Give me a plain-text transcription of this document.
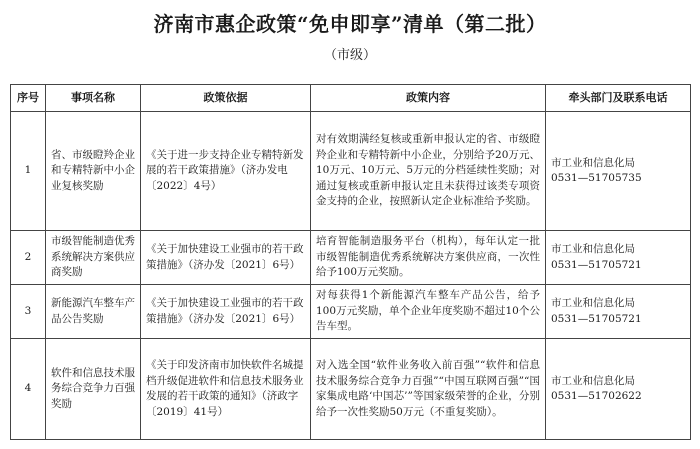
济南市惠企政策“免申即享”清单（第二批）
（市级）
序号	事项名称	政策依据	政策内容	牵头部门及联系电话
1	省、市级瞪羚企业和专精特新中小企业复核奖励	《关于进一步支持企业专精特新发展的若干政策措施》（济办发电〔2022〕4号）	对有效期满经复核或重新申报认定的省、市级瞪羚企业和专精特新中小企业，分别给予20万元、10万元、10万元、5万元的分档延续性奖励；对通过复核或重新申报认定且未获得过该类专项资金支持的企业，按照新认定企业标准给予奖励。	市工业和信息化局
0531—51705735

2	市级智能制造优秀系统解决方案供应商奖励	《关于加快建设工业强市的若干政策措施》（济办发〔2021〕6号）	培育智能制造服务平台（机构），每年认定一批市级智能制造优秀系统解决方案供应商，一次性给予100万元奖励。	市工业和信息化局
0531—51705721

3	新能源汽车整车产品公告奖励	《关于加快建设工业强市的若干政策措施》（济办发〔2021〕6号）	对每获得1个新能源汽车整车产品公告，给予100万元奖励，单个企业年度奖励不超过10个公告车型。	市工业和信息化局
0531—51705721

4	软件和信息技术服务综合竞争力百强奖励	《关于印发济南市加快软件名城提档升级促进软件和信息技术服务业发展的若干政策的通知》（济政字〔2019〕41号）	对入选全国“软件业务收入前百强”“软件和信息技术服务综合竞争力百强”“中国互联网百强”“国家集成电路‘中国芯’”等国家级荣誉的企业，分别给予一次性奖励50万元（不重复奖励）。	市工业和信息化局
0531—51702622
